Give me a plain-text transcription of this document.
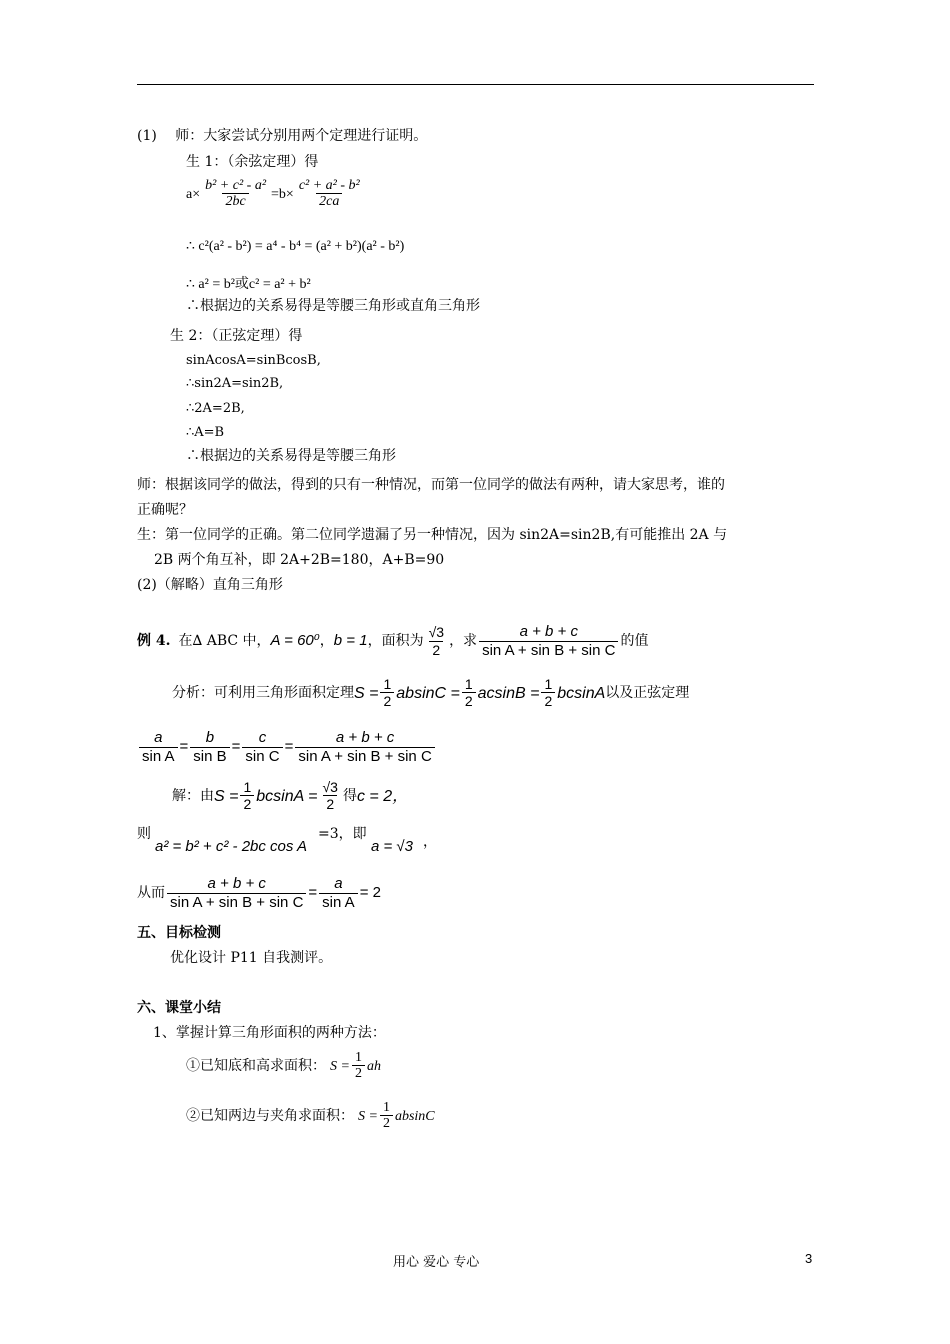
(1)　 师：大家尝试分别用两个定理进行证明。
生 1：（余弦定理）得
$a\times \frac{\text{b² + c² - a²}}{2bc} =b\times \frac{\text{c² + a² - b²}}{2ca}$
∴ c²(a² - b²) = a⁴ - b⁴ = (a² + b²)(a² - b²)
∴ a² = b²或c² = a² + b²
∴根据边的关系易得是等腰三角形或直角三角形
生 2：（正弦定理）得
sinAcosA=sinBcosB,
∴sin2A=sin2B,
∴2A=2B,
∴A=B
∴根据边的关系易得是等腰三角形
师：根据该同学的做法，得到的只有一种情况，而第一位同学的做法有两种，请大家思考，谁的
正确呢？
生：第一位同学的正确。第二位同学遗漏了另一种情况，因为 sin2A=sin2B,有可能推出 2A 与
2B 两个角互补，即 2A+2B=180，A+B=90
(2)（解略）直角三角形
例 4. 在∆ ABC 中， A = 60⁰ ， b = 1 ，面积为 $\frac{√3}{2}$ ，求 $\frac{a + b + c}{\text{sin A + sin B + sin C}}$ 的值
分析：可利用三角形面积定理 $S = \frac{1}{2}$ $absinC = \frac{1}{2}$ $acsinB = \frac{1}{2}$ bcsinA 以及正弦定理
$\frac{a}{\text{sin A}} = \frac{b}{\text{sin B}} = \frac{c}{\text{sin C}} = \frac{a + b + c}{\text{sin A + sin B + sin C}}$
解：由 $S = \frac{1}{2}$ $bcsinA = \frac{√3}{2}$ 得 c = 2，
则
a² = b² + c² - 2bc cos A
=3，即
a = √3 ，
从而 $\frac{a + b + c}{\text{sin A + sin B + sin C}} = \frac{a}{\text{sin A}} = 2$
五、目标检测
优化设计 P11 自我测评。
六、课堂小结
1、掌握计算三角形面积的两种方法：
①已知底和高求面积： $S = \frac{1}{2}$ ah
②已知两边与夹角求面积： $S = \frac{1}{2}$ absinC
用心 爱心 专心	3
